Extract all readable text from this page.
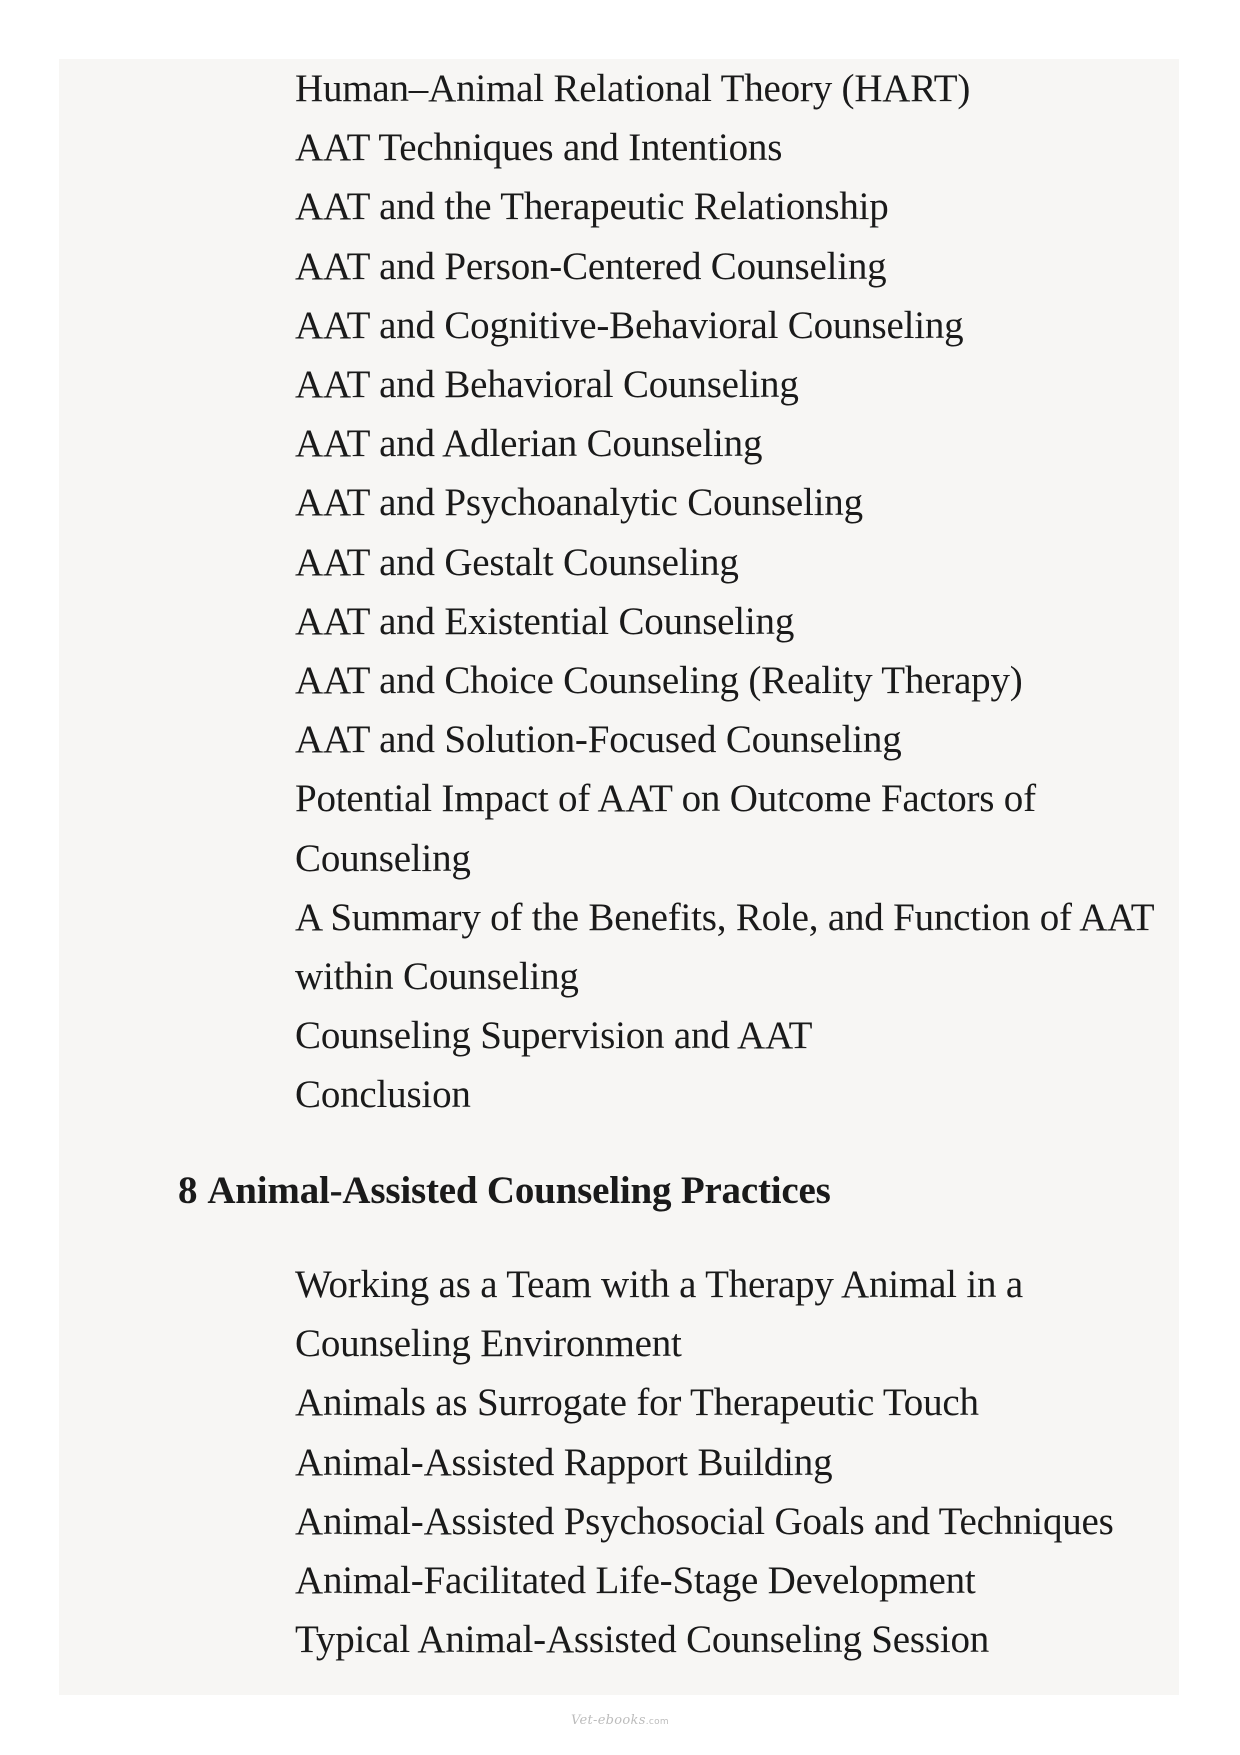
Human–Animal Relational Theory (HART)
AAT Techniques and Intentions
AAT and the Therapeutic Relationship
AAT and Person-Centered Counseling
AAT and Cognitive-Behavioral Counseling
AAT and Behavioral Counseling
AAT and Adlerian Counseling
AAT and Psychoanalytic Counseling
AAT and Gestalt Counseling
AAT and Existential Counseling
AAT and Choice Counseling (Reality Therapy)
AAT and Solution-Focused Counseling
Potential Impact of AAT on Outcome Factors of Counseling
A Summary of the Benefits, Role, and Function of AAT within Counseling
Counseling Supervision and AAT
Conclusion
8 Animal-Assisted Counseling Practices
Working as a Team with a Therapy Animal in a Counseling Environment
Animals as Surrogate for Therapeutic Touch
Animal-Assisted Rapport Building
Animal-Assisted Psychosocial Goals and Techniques
Animal-Facilitated Life-Stage Development
Typical Animal-Assisted Counseling Session
Vet-ebooks.com
